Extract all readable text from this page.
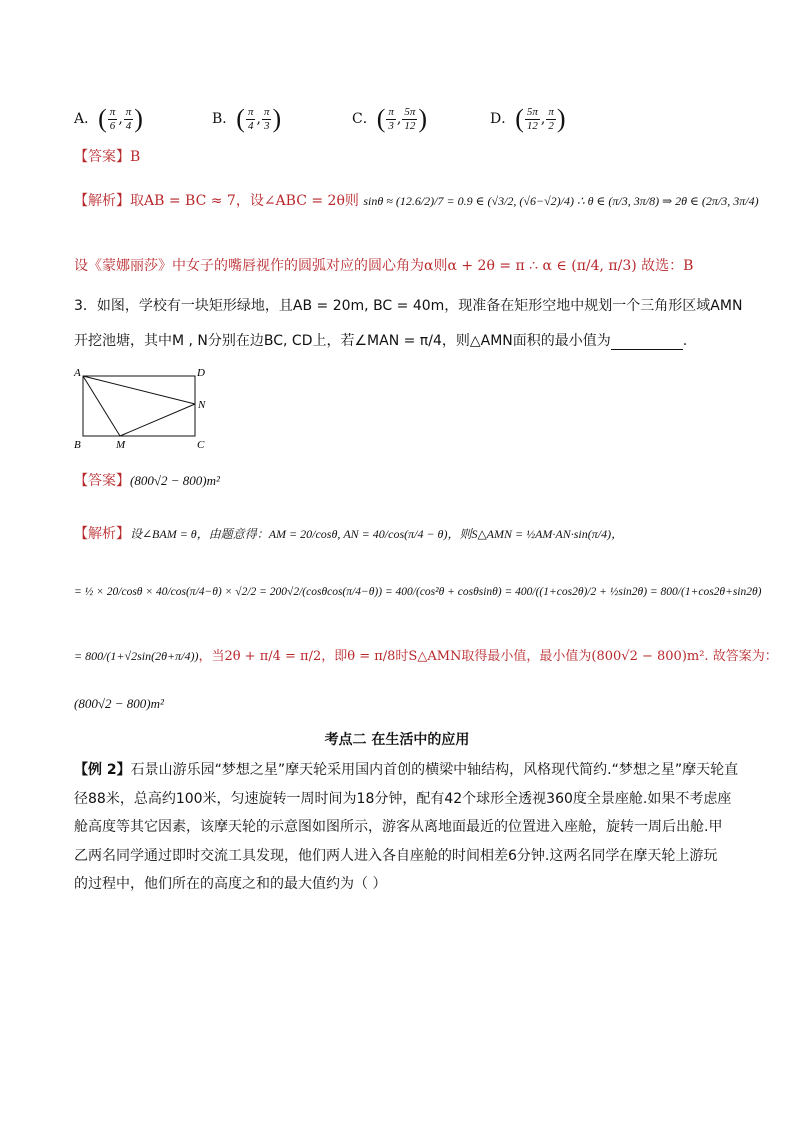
A．( $\frac{\pi}{6}$ , $\frac{\pi}{4}$ )	B．( $\frac{\pi}{4}$ , $\frac{\pi}{3}$ )	C．( $\frac{\pi}{3}$ , $\frac{5\pi}{12}$ )	D．( $\frac{5\pi}{12}$ , $\frac{\pi}{2}$ )
【答案】B
【解析】取AB = BC ≈ 7，设∠ABC = 2θ则 sinθ ≈ (12.6/2)/7 = 0.9 ∈ (√3/2, (√6−√2)/4) ∴ θ ∈ (π/3, 3π/8) ⇒ 2θ ∈ (2π/3, 3π/4)
设《蒙娜丽莎》中女子的嘴唇视作的圆弧对应的圆心角为α则α + 2θ = π ∴ α ∈ (π/4, π/3) 故选：B
3．如图，学校有一块矩形绿地，且AB = 20m, BC = 40m，现准备在矩形空地中规划一个三角形区域AMN
开挖池塘，其中M , N分别在边BC, CD上，若∠MAN = π/4，则△AMN面积的最小值为	.
A	D
B	C
M
N
【答案】(800√2 − 800)m²
【解析】设∠BAM = θ，由题意得：AM = 20/cosθ, AN = 40/cos(π/4 − θ)，则S△AMN = ½AM·AN·sin(π/4)，
= ½ × 20/cosθ × 40/cos(π/4−θ) × √2/2 = 200√2/(cosθcos(π/4−θ)) = 400/(cos²θ + cosθsinθ) = 400/((1+cos2θ)/2 + ½sin2θ) = 800/(1+cos2θ+sin2θ)
= 800/(1+√2sin(2θ+π/4))，当2θ + π/4 = π/2，即θ = π/8时S△AMN取得最小值，最小值为(800√2 − 800)m². 故答案为：
(800√2 − 800)m²
考点二 在生活中的应用
【例 2】石景山游乐园“梦想之星”摩天轮采用国内首创的横梁中轴结构，风格现代简约.“梦想之星”摩天轮直
径88米，总高约100米，匀速旋转一周时间为18分钟，配有42个球形全透视360度全景座舱.如果不考虑座
舱高度等其它因素，该摩天轮的示意图如图所示，游客从离地面最近的位置进入座舱，旋转一周后出舱.甲
乙两名同学通过即时交流工具发现，他们两人进入各自座舱的时间相差6分钟.这两名同学在摩天轮上游玩
的过程中，他们所在的高度之和的最大值约为（ ）
